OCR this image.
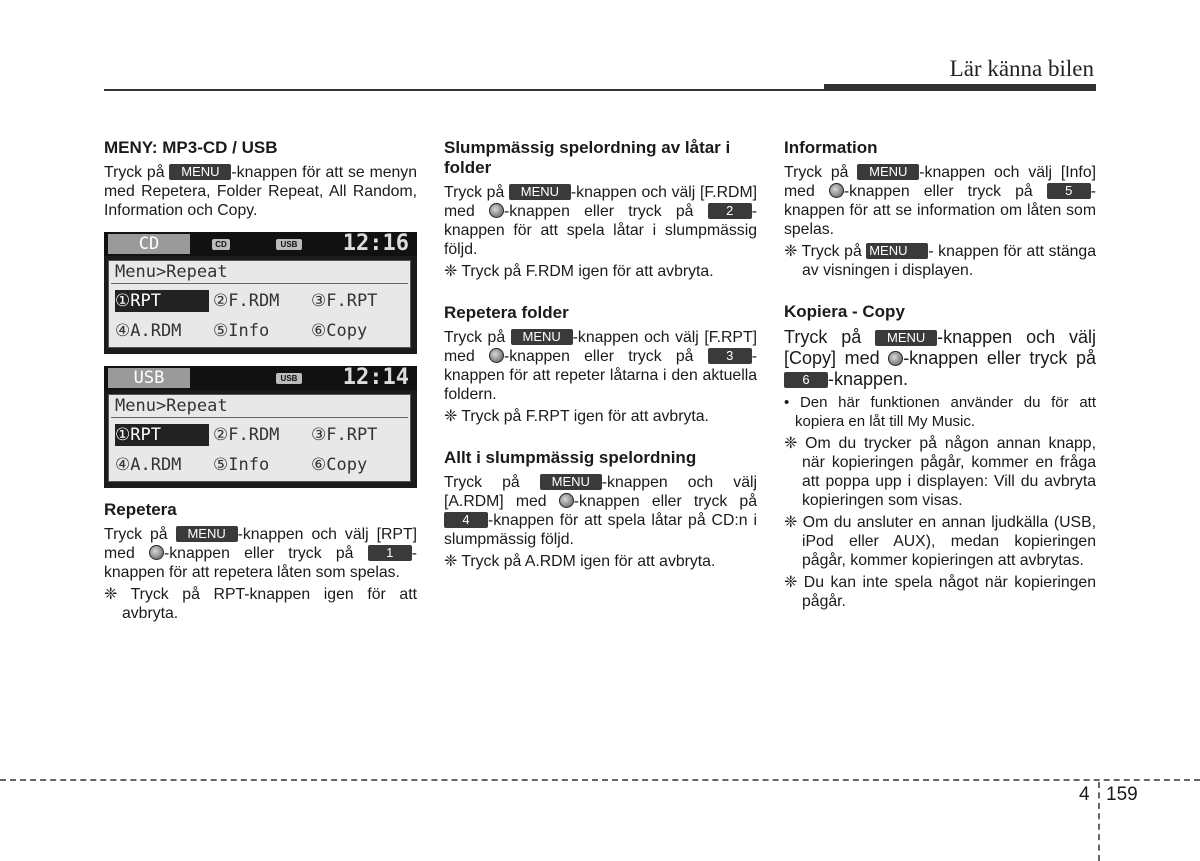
Lär känna bilen
MENY: MP3-CD / USB

Tryck på MENU -knappen för att se menyn med Repetera, Folder Repeat, All Random, Information och Copy.

CD	CD	USB 12:16
Menu>Repeat
①RPT	②F.RDM ③F.RPT
④A.RDM ⑤Info ⑥Copy
USB	USB 12:14
Menu>Repeat
①RPT	②F.RDM ③F.RPT
④A.RDM ⑤Info ⑥Copy
Repetera

Tryck på MENU -knappen och välj [RPT] med -knappen eller tryck på 1 -knappen för att repetera låten som spelas.

❈ Tryck på RPT-knappen igen för att avbryta.

Slumpmässig spelordning av låtar i folder

Tryck på MENU -knappen och välj [F.RDM] med -knappen eller tryck på 2 -knappen för att spela låtar i slumpmässig följd.

❈ Tryck på F.RDM igen för att avbryta.

Repetera folder

Tryck på MENU -knappen och välj [F.RPT] med -knappen eller tryck på 3 -knappen för att repeter låtarna i den aktuella foldern.

❈ Tryck på F.RPT igen för att avbryta.

Allt i slumpmässig spelordning

Tryck på MENU -knappen och välj [A.RDM] med -knappen eller tryck på 4 -knappen för att spela låtar på CD:n i slumpmässig följd.

❈ Tryck på A.RDM igen för att avbryta.

Information

Tryck på MENU -knappen och välj [Info] med -knappen eller tryck på 5 -knappen för att se information om låten som spelas.

❈ Tryck på MENU - knappen för att stänga av visningen i displayen.

Kopiera - Copy

Tryck på MENU -knappen och välj [Copy] med -knappen eller tryck på 6 -knappen.

• Den här funktionen använder du för att kopiera en låt till My Music.

❈ Om du trycker på någon annan knapp, när kopieringen pågår, kommer en fråga att poppa upp i displayen: Vill du avbryta kopieringen som visas.

❈ Om du ansluter en annan ljudkälla (USB, iPod eller AUX), medan kopieringen pågår, kommer kopieringen att avbrytas.

❈ Du kan inte spela något när kopieringen pågår.

4 159
